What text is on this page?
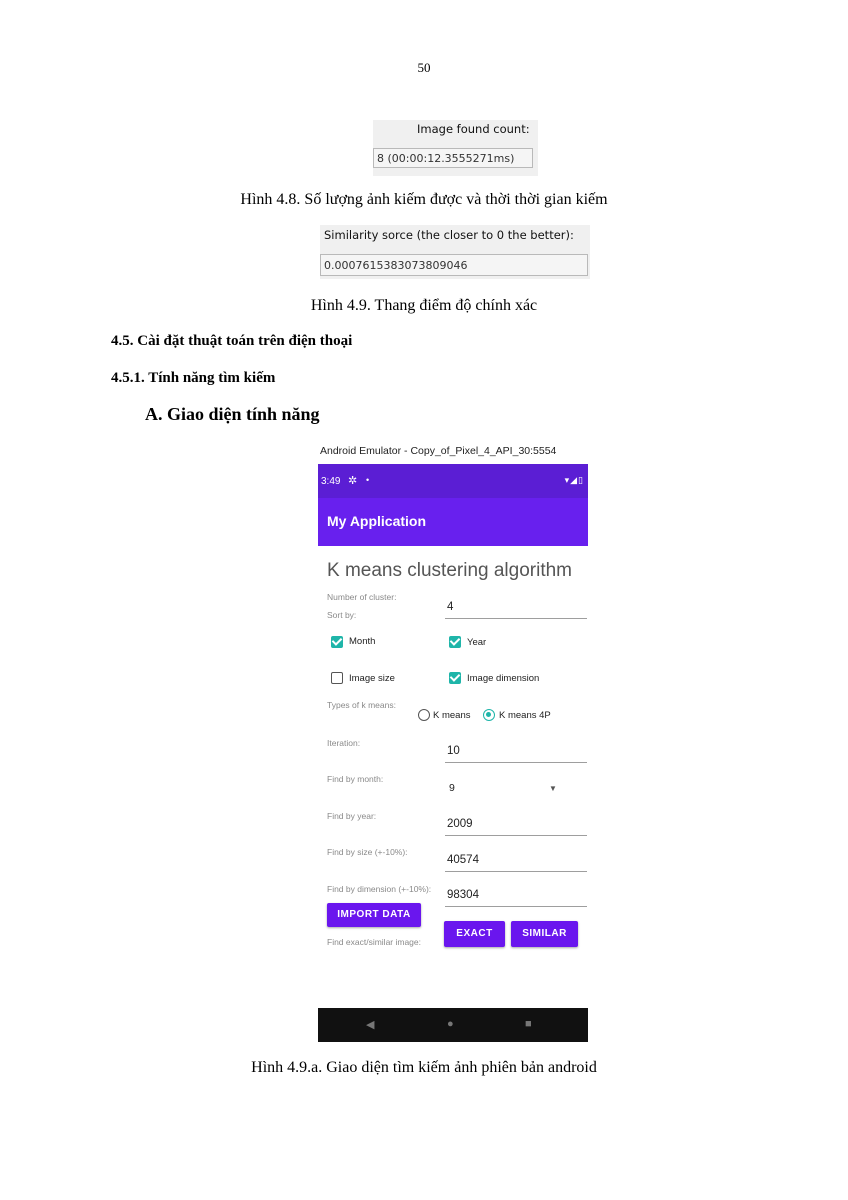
50
Image found count:
8 (00:00:12.3555271ms)
Hình 4.8. Số lượng ảnh kiếm được và thời thời gian kiếm
Similarity sorce (the closer to 0 the better):
0.0007615383073809046
Hình 4.9. Thang điểm độ chính xác
4.5. Cài đặt thuật toán trên điện thoại
4.5.1. Tính năng tìm kiếm
A. Giao diện tính năng
Android Emulator - Copy_of_Pixel_4_API_30:5554
3:49 ✲ •	▾◢▯
My Application
K means clustering algorithm
Number of cluster:
4
Sort by:
Month	Year
Image size	Image dimension
Types of k means:
K means	K means 4P
Iteration:
10
Find by month:
9	▼
Find by year:
2009
Find by size (+-10%):
40574
Find by dimension (+-10%): 98304
IMPORT DATA
EXACT	SIMILAR
Find exact/similar image:
◀	●	■
Hình 4.9.a. Giao diện tìm kiếm ảnh phiên bản android
